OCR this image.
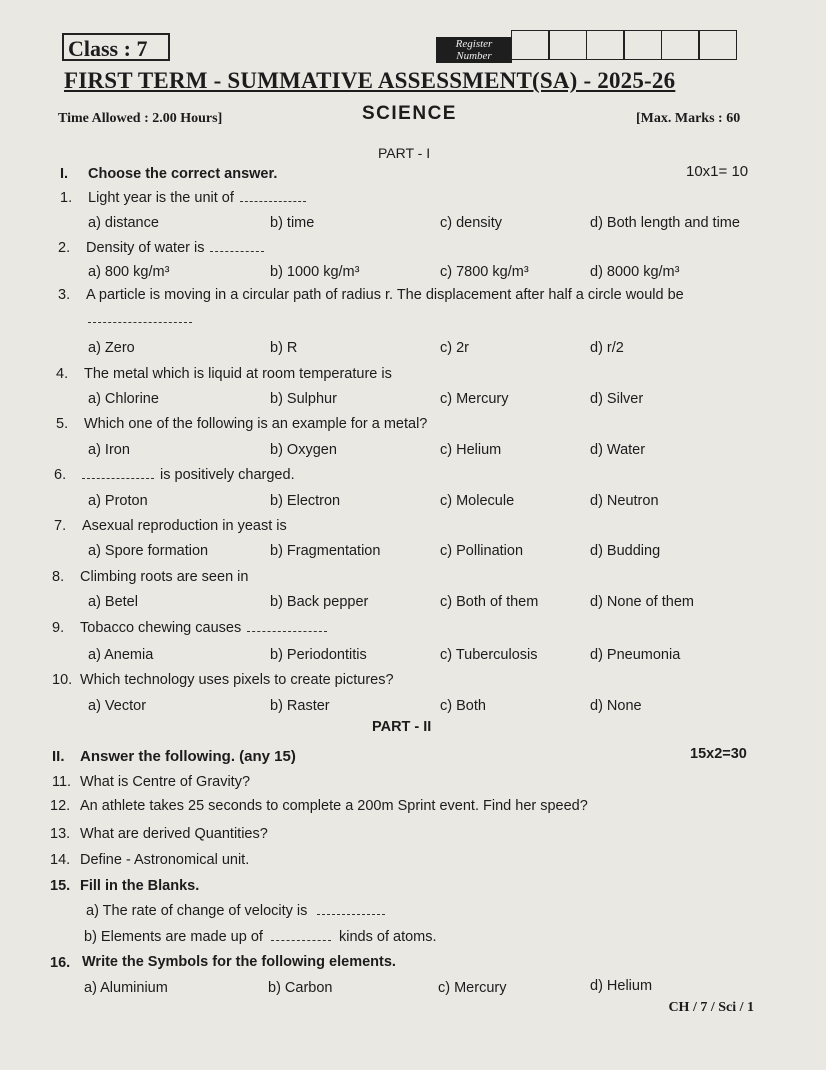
Class : 7	Register
Number
FIRST TERM - SUMMATIVE ASSESSMENT(SA) - 2025-26
Time Allowed : 2.00 Hours]	SCIENCE	[Max. Marks : 60
PART - I
I. Choose the correct answer.	10x1= 10
1. Light year is the unit of
a) distance	b) time	c) density	d) Both length and time
2. Density of water is
a) 800 kg/m³	b) 1000 kg/m³	c) 7800 kg/m³	d) 8000 kg/m³
3. A particle is moving in a circular path of radius r. The displacement after half a circle would be
a) Zero	b) R	c) 2r	d) r/2
4. The metal which is liquid at room temperature is
a) Chlorine	b) Sulphur	c) Mercury	d) Silver
5. Which one of the following is an example for a metal?
a) Iron	b) Oxygen	c) Helium	d) Water
6.	is positively charged.
a) Proton	b) Electron	c) Molecule	d) Neutron
7. Asexual reproduction in yeast is
a) Spore formation	b) Fragmentation	c) Pollination	d) Budding
8. Climbing roots are seen in
a) Betel	b) Back pepper	c) Both of them	d) None of them
9. Tobacco chewing causes
a) Anemia	b) Periodontitis	c) Tuberculosis	d) Pneumonia
10. Which technology uses pixels to create pictures?
a) Vector	b) Raster	c) Both	d) None
PART - II
II. Answer the following. (any 15)	15x2=30
11. What is Centre of Gravity?
12. An athlete takes 25 seconds to complete a 200m Sprint event. Find her speed?
13. What are derived Quantities?
14. Define - Astronomical unit.
15. Fill in the Blanks.
a) The rate of change of velocity is
b) Elements are made up of	kinds of atoms.
16. Write the Symbols for the following elements.
a) Aluminium	b) Carbon	c) Mercury	d) Helium
CH / 7 / Sci / 1
